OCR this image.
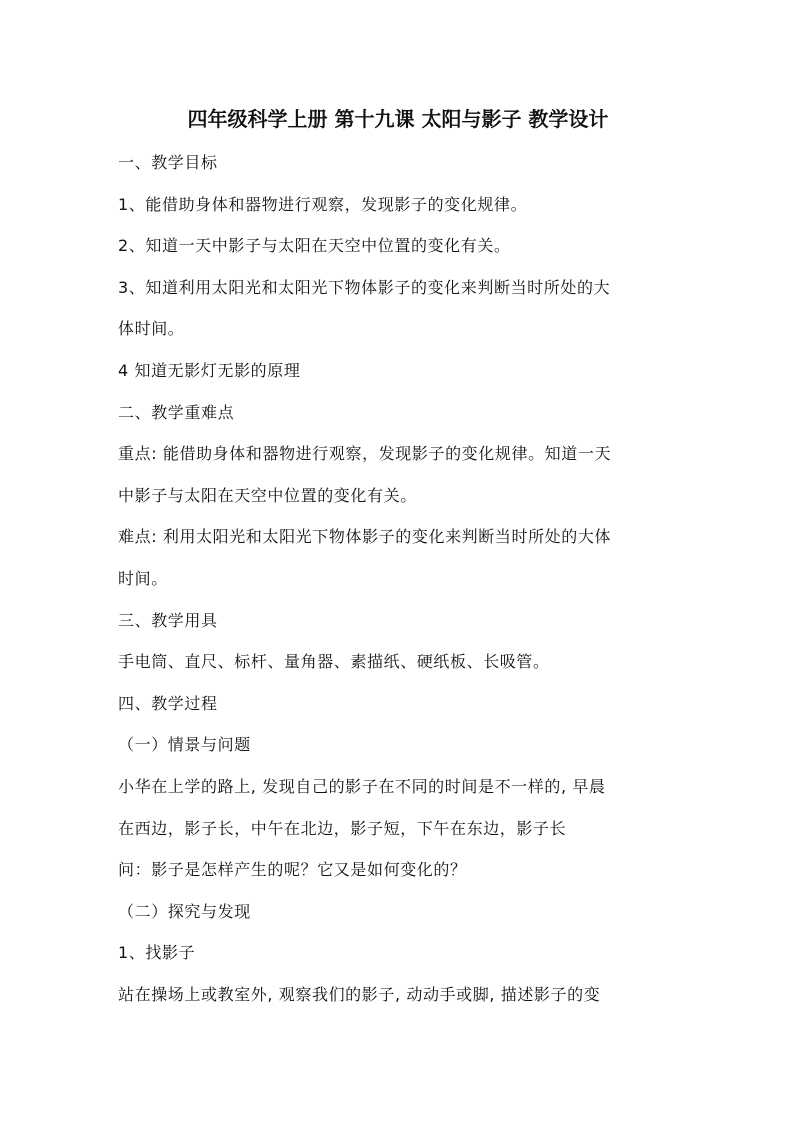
四年级科学上册 第十九课 太阳与影子 教学设计
一、教学目标
1、能借助身体和器物进行观察，发现影子的变化规律。
2、知道一天中影子与太阳在天空中位置的变化有关。
3、知道利用太阳光和太阳光下物体影子的变化来判断当时所处的大
体时间。
4 知道无影灯无影的原理
二、教学重难点
重点: 能借助身体和器物进行观察，发现影子的变化规律。知道一天
中影子与太阳在天空中位置的变化有关。
难点: 利用太阳光和太阳光下物体影子的变化来判断当时所处的大体
时间。
三、教学用具
手电筒、直尺、标杆、量角器、素描纸、硬纸板、长吸管。
四、教学过程
（一）情景与问题
小华在上学的路上, 发现自己的影子在不同的时间是不一样的, 早晨
在西边，影子长，中午在北边，影子短，下午在东边，影子长
问：影子是怎样产生的呢？它又是如何变化的？
（二）探究与发现
1、找影子
站在操场上或教室外, 观察我们的影子, 动动手或脚, 描述影子的变
